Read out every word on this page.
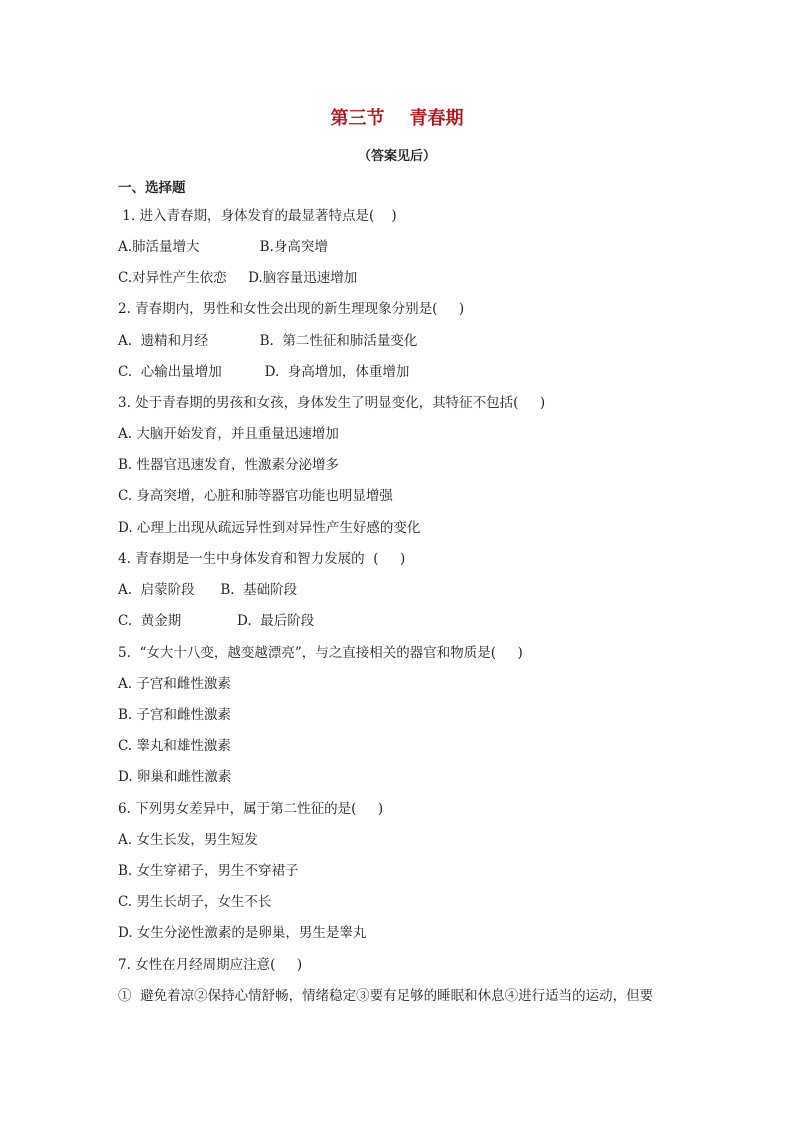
第三节    青春期
（答案见后）
一、选择题
1. 进入青春期，身体发育的最显著特点是(    )
A.肺活量增大              B.身高突增
C.对异性产生依恋     D.脑容量迅速增加
2. 青春期内，男性和女性会出现的新生理现象分别是(     )
A.  遗精和月经            B.  第二性征和肺活量变化
C.  心输出量增加          D.  身高增加，体重增加
3. 处于青春期的男孩和女孩，身体发生了明显变化，其特征不包括(     )
A. 大脑开始发育，并且重量迅速增加
B. 性器官迅速发育，性激素分泌增多
C. 身高突增，心脏和肺等器官功能也明显增强
D. 心理上出现从疏远异性到对异性产生好感的变化
4. 青春期是一生中身体发育和智力发展的  (     )
A.  启蒙阶段      B.  基础阶段
C.  黄金期             D.  最后阶段
5.  “女大十八变，越变越漂亮”，与之直接相关的器官和物质是(     )
A. 子宫和雌性激素
B. 子宫和雌性激素
C. 睾丸和雄性激素
D. 卵巢和雌性激素
6. 下列男女差异中，属于第二性征的是(     )
A. 女生长发，男生短发
B. 女生穿裙子，男生不穿裙子
C. 男生长胡子，女生不长
D. 女生分泌性激素的是卵巢，男生是睾丸
7. 女性在月经周期应注意(     )
①  避免着凉②保持心情舒畅，情绪稳定③要有足够的睡眠和休息④进行适当的运动，但要
